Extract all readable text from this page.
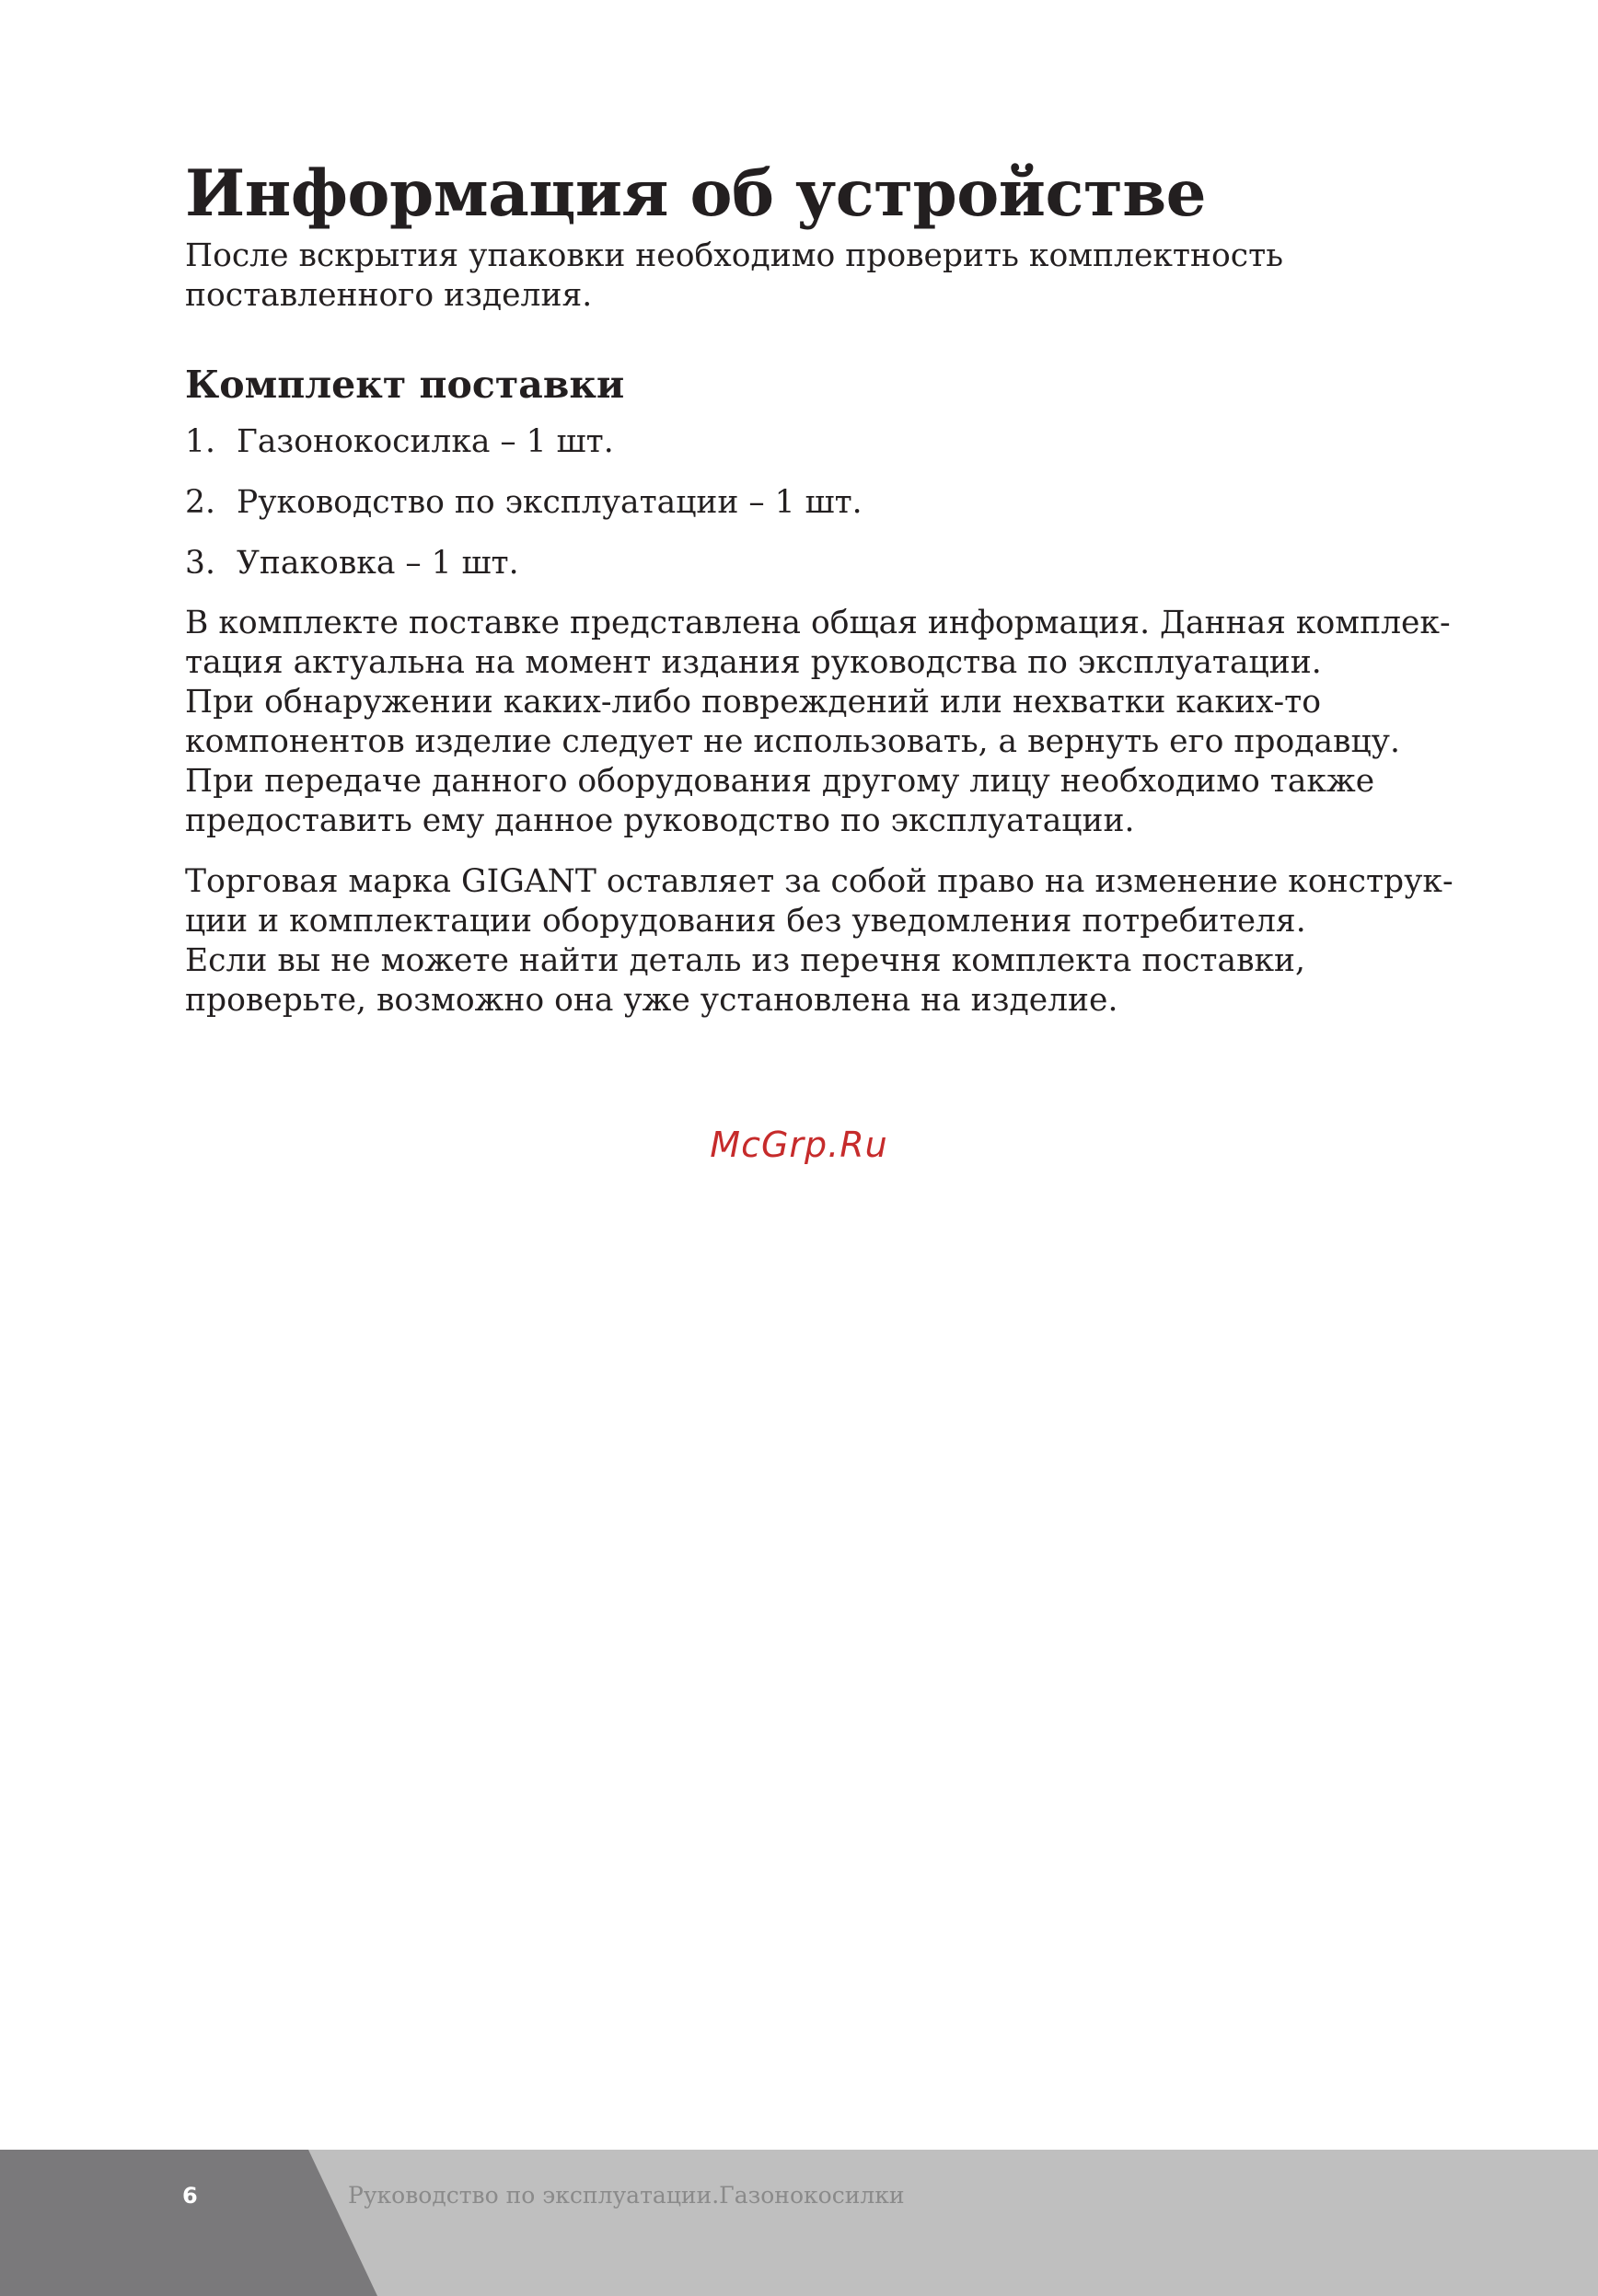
Информация об устройстве

После вскрытия упаковки необходимо проверить комплектность

поставленного изделия.

Комплект поставки
1. Газонокосилка – 1 шт.
2. Руководство по эксплуатации – 1 шт.
3. Упаковка – 1 шт.

В комплекте поставке представлена общая информация. Данная комплек-

тация актуальна на момент издания руководства по эксплуатации.

При обнаружении каких-либо повреждений или нехватки каких-то

компонентов изделие следует не использовать, а вернуть его продавцу.

При передаче данного оборудования другому лицу необходимо также

предоставить ему данное руководство по эксплуатации.

Торговая марка GIGANT оставляет за собой право на изменение конструк-

ции и комплектации оборудования без уведомления потребителя.

Если вы не можете найти деталь из перечня комплекта поставки,

проверьте, возможно она уже установлена на изделие.

McGrp.Ru
6	Руководство по эксплуатации.Газонокосилки
